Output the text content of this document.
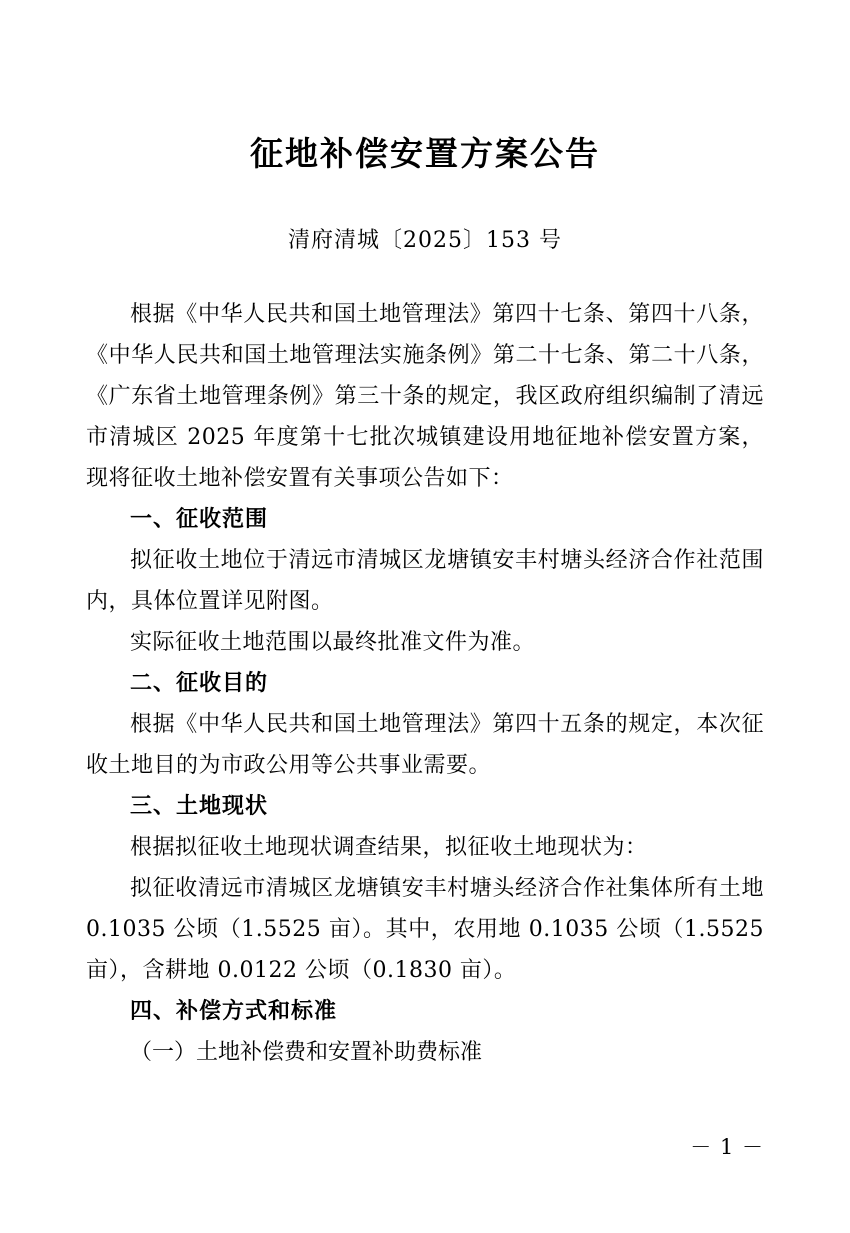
征地补偿安置方案公告
清府清城〔2025〕153 号

根据《中华人民共和国土地管理法》第四十七条、第四十八条，《中华人民共和国土地管理法实施条例》第二十七条、第二十八条，《广东省土地管理条例》第三十条的规定，我区政府组织编制了清远市清城区 2025 年度第十七批次城镇建设用地征地补偿安置方案，现将征收土地补偿安置有关事项公告如下：

一、征收范围

拟征收土地位于清远市清城区龙塘镇安丰村塘头经济合作社范围内，具体位置详见附图。

实际征收土地范围以最终批准文件为准。

二、征收目的

根据《中华人民共和国土地管理法》第四十五条的规定，本次征收土地目的为市政公用等公共事业需要。

三、土地现状

根据拟征收土地现状调查结果，拟征收土地现状为：

拟征收清远市清城区龙塘镇安丰村塘头经济合作社集体所有土地 0.1035 公顷（1.5525 亩）。其中，农用地 0.1035 公顷（1.5525 亩），含耕地 0.0122 公顷（0.1830 亩）。

四、补偿方式和标准
（一）土地补偿费和安置补助费标准
－ 1 －
